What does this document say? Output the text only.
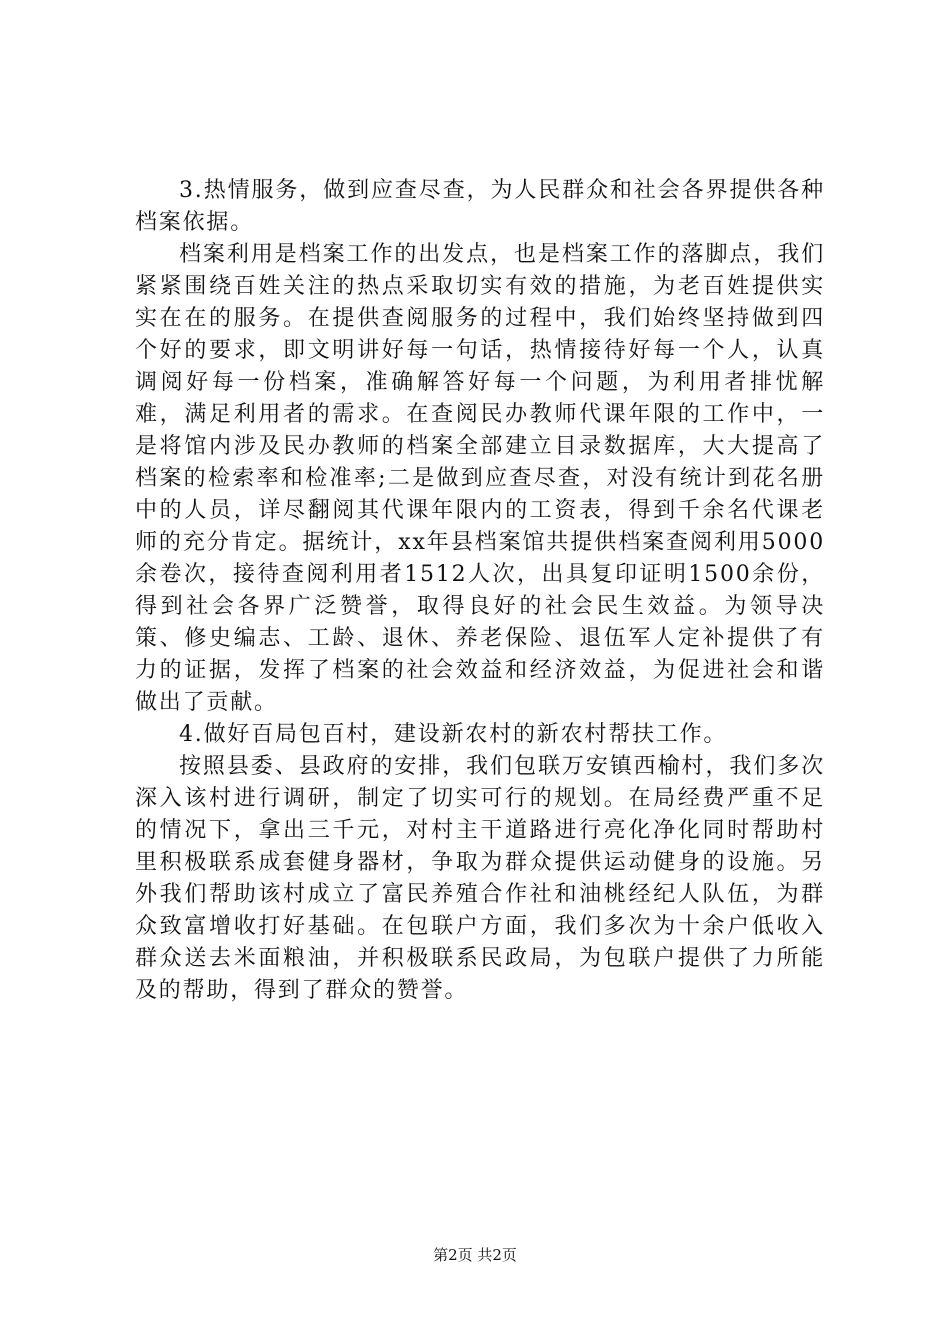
3.热情服务，做到应查尽查，为人民群众和社会各界提供各种档案依据。

档案利用是档案工作的出发点，也是档案工作的落脚点，我们紧紧围绕百姓关注的热点采取切实有效的措施，为老百姓提供实实在在的服务。在提供查阅服务的过程中，我们始终坚持做到四个好的要求，即文明讲好每一句话，热情接待好每一个人，认真调阅好每一份档案，准确解答好每一个问题，为利用者排忧解难，满足利用者的需求。在查阅民办教师代课年限的工作中，一是将馆内涉及民办教师的档案全部建立目录数据库，大大提高了档案的检索率和检准率;二是做到应查尽查，对没有统计到花名册中的人员，详尽翻阅其代课年限内的工资表，得到千余名代课老师的充分肯定。据统计，xx年县档案馆共提供档案查阅利用5000余卷次，接待查阅利用者1512人次，出具复印证明1500余份，得到社会各界广泛赞誉，取得良好的社会民生效益。为领导决策、修史编志、工龄、退休、养老保险、退伍军人定补提供了有力的证据，发挥了档案的社会效益和经济效益，为促进社会和谐做出了贡献。

4.做好百局包百村，建设新农村的新农村帮扶工作。

按照县委、县政府的安排，我们包联万安镇西榆村，我们多次深入该村进行调研，制定了切实可行的规划。在局经费严重不足的情况下，拿出三千元，对村主干道路进行亮化净化同时帮助村里积极联系成套健身器材，争取为群众提供运动健身的设施。另外我们帮助该村成立了富民养殖合作社和油桃经纪人队伍，为群众致富增收打好基础。在包联户方面，我们多次为十余户低收入群众送去米面粮油，并积极联系民政局，为包联户提供了力所能及的帮助，得到了群众的赞誉。

第2页 共2页
